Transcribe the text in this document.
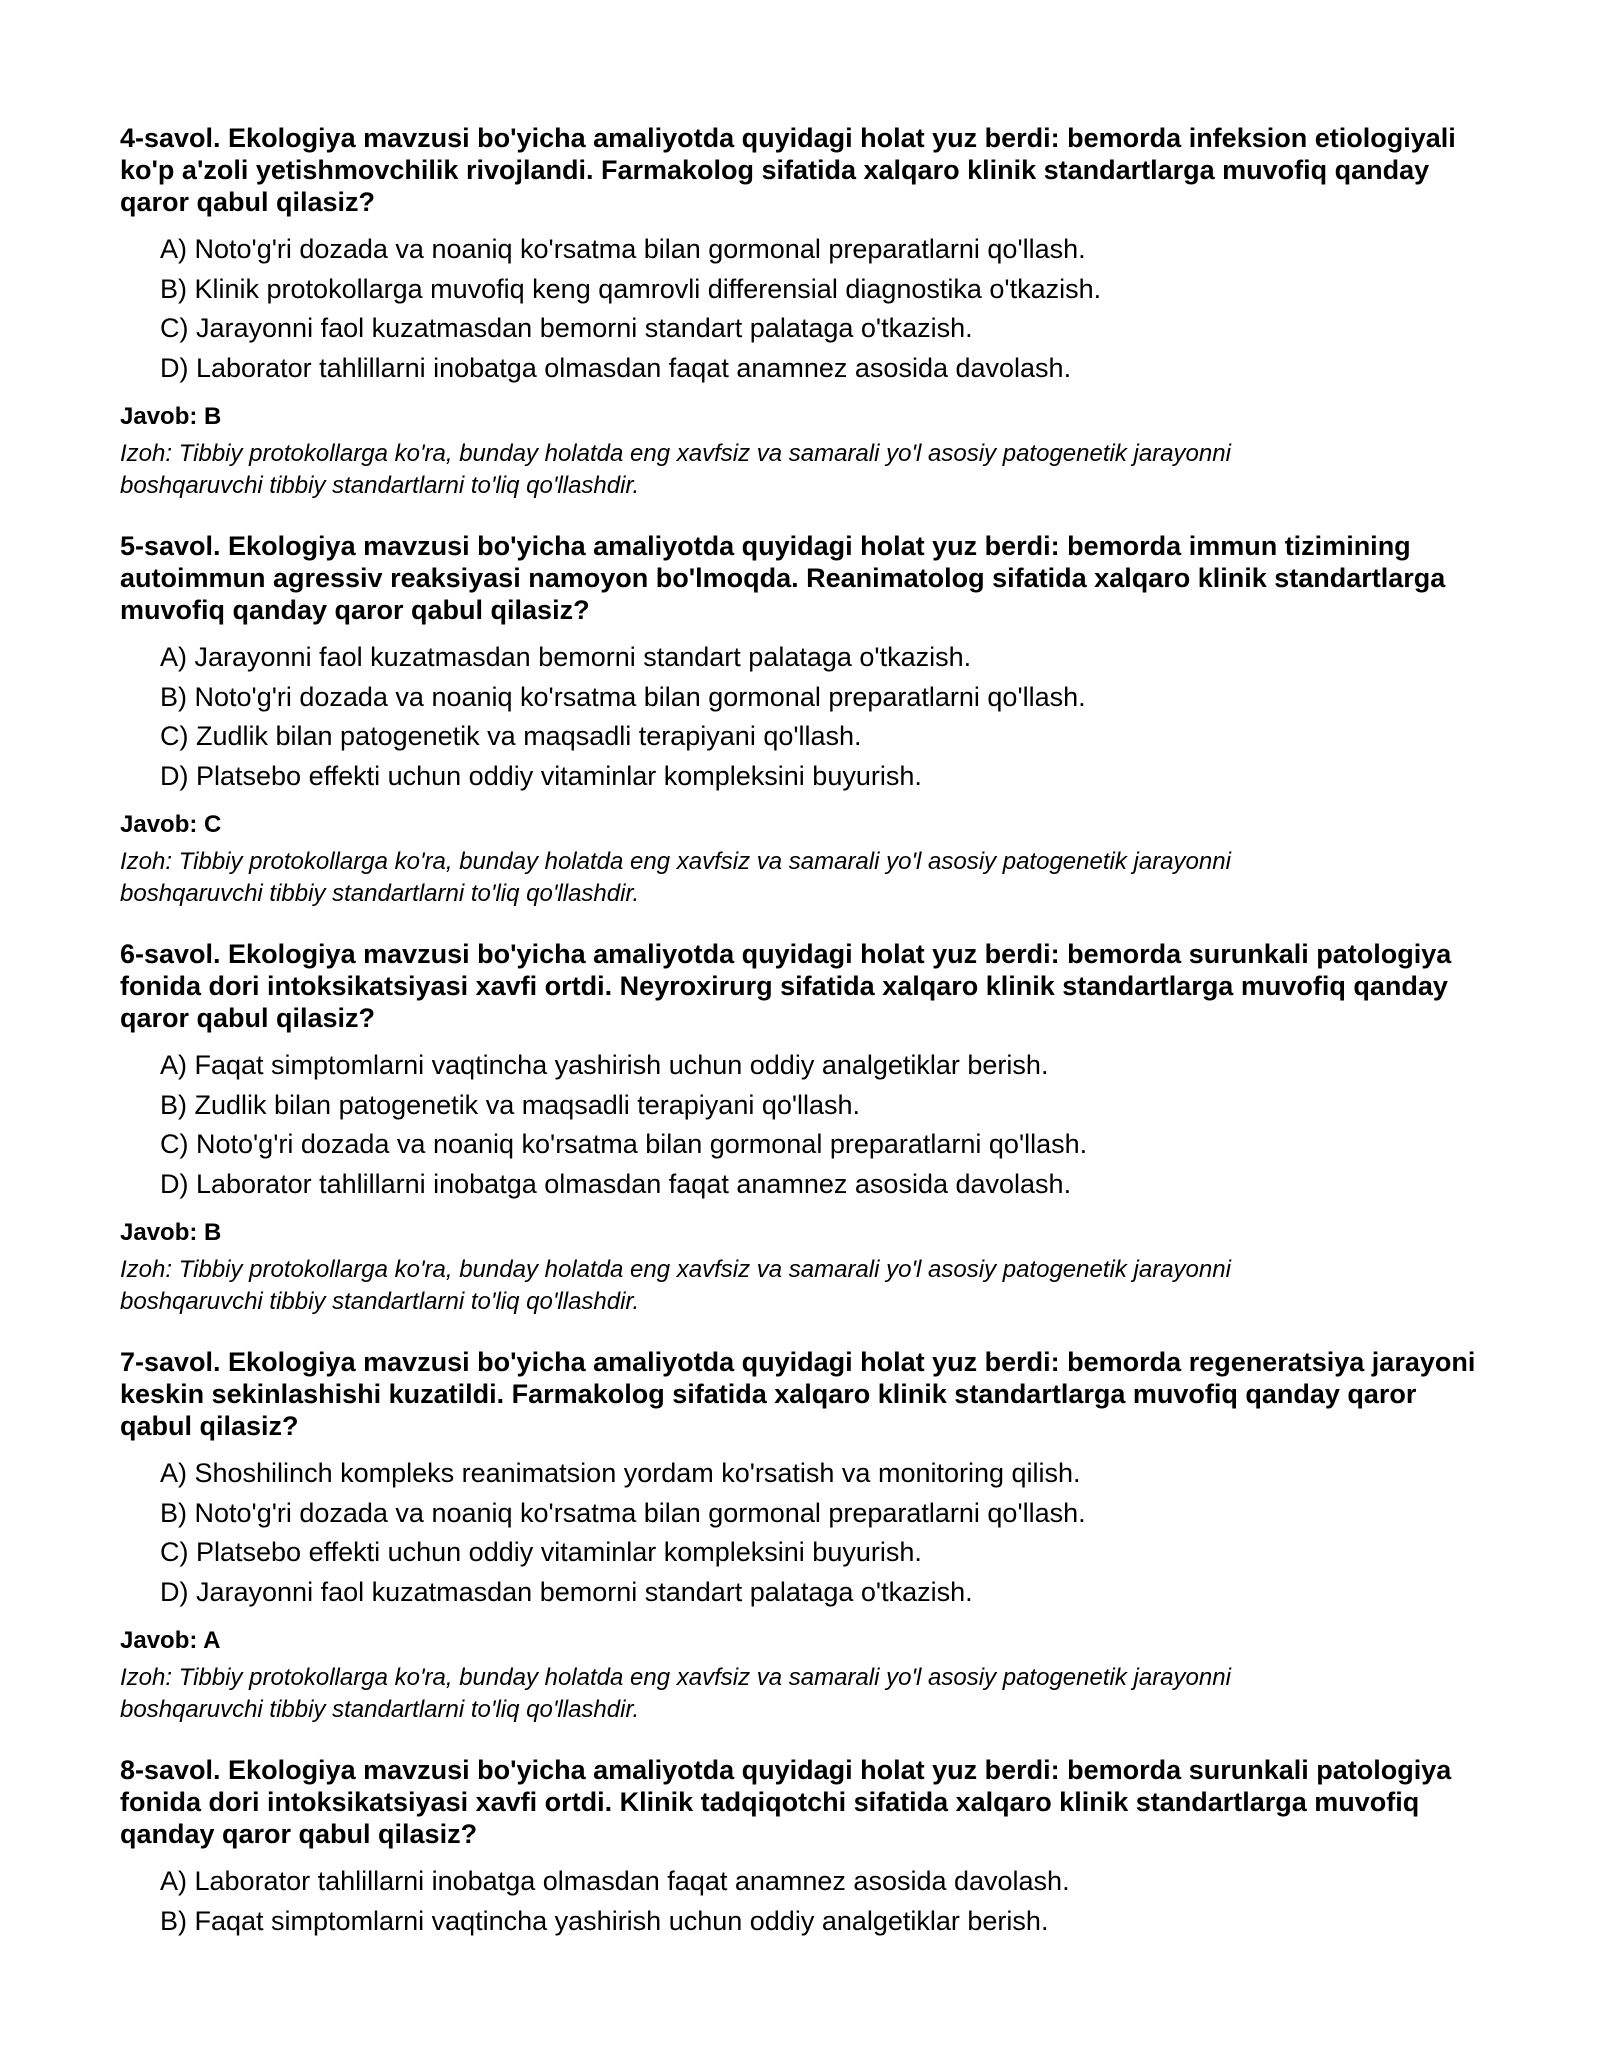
4-savol. Ekologiya mavzusi bo'yicha amaliyotda quyidagi holat yuz berdi: bemorda infeksion etiologiyali ko'p a'zoli yetishmovchilik rivojlandi. Farmakolog sifatida xalqaro klinik standartlarga muvofiq qanday qaror qabul qilasiz?

A) Noto'g'ri dozada va noaniq ko'rsatma bilan gormonal preparatlarni qo'llash.
B) Klinik protokollarga muvofiq keng qamrovli differensial diagnostika o'tkazish.
C) Jarayonni faol kuzatmasdan bemorni standart palataga o'tkazish.
D) Laborator tahlillarni inobatga olmasdan faqat anamnez asosida davolash.

Javob: B

Izoh: Tibbiy protokollarga ko'ra, bunday holatda eng xavfsiz va samarali yo'l asosiy patogenetik jarayonni boshqaruvchi tibbiy standartlarni to'liq qo'llashdir.

5-savol. Ekologiya mavzusi bo'yicha amaliyotda quyidagi holat yuz berdi: bemorda immun tizimining autoimmun agressiv reaksiyasi namoyon bo'lmoqda. Reanimatolog sifatida xalqaro klinik standartlarga muvofiq qanday qaror qabul qilasiz?

A) Jarayonni faol kuzatmasdan bemorni standart palataga o'tkazish.
B) Noto'g'ri dozada va noaniq ko'rsatma bilan gormonal preparatlarni qo'llash.
C) Zudlik bilan patogenetik va maqsadli terapiyani qo'llash.
D) Platsebo effekti uchun oddiy vitaminlar kompleksini buyurish.

Javob: C

Izoh: Tibbiy protokollarga ko'ra, bunday holatda eng xavfsiz va samarali yo'l asosiy patogenetik jarayonni boshqaruvchi tibbiy standartlarni to'liq qo'llashdir.

6-savol. Ekologiya mavzusi bo'yicha amaliyotda quyidagi holat yuz berdi: bemorda surunkali patologiya fonida dori intoksikatsiyasi xavfi ortdi. Neyroxirurg sifatida xalqaro klinik standartlarga muvofiq qanday qaror qabul qilasiz?

A) Faqat simptomlarni vaqtincha yashirish uchun oddiy analgetiklar berish.
B) Zudlik bilan patogenetik va maqsadli terapiyani qo'llash.
C) Noto'g'ri dozada va noaniq ko'rsatma bilan gormonal preparatlarni qo'llash.
D) Laborator tahlillarni inobatga olmasdan faqat anamnez asosida davolash.

Javob: B

Izoh: Tibbiy protokollarga ko'ra, bunday holatda eng xavfsiz va samarali yo'l asosiy patogenetik jarayonni boshqaruvchi tibbiy standartlarni to'liq qo'llashdir.

7-savol. Ekologiya mavzusi bo'yicha amaliyotda quyidagi holat yuz berdi: bemorda regeneratsiya jarayoni keskin sekinlashishi kuzatildi. Farmakolog sifatida xalqaro klinik standartlarga muvofiq qanday qaror qabul qilasiz?

A) Shoshilinch kompleks reanimatsion yordam ko'rsatish va monitoring qilish.
B) Noto'g'ri dozada va noaniq ko'rsatma bilan gormonal preparatlarni qo'llash.
C) Platsebo effekti uchun oddiy vitaminlar kompleksini buyurish.
D) Jarayonni faol kuzatmasdan bemorni standart palataga o'tkazish.

Javob: A

Izoh: Tibbiy protokollarga ko'ra, bunday holatda eng xavfsiz va samarali yo'l asosiy patogenetik jarayonni boshqaruvchi tibbiy standartlarni to'liq qo'llashdir.

8-savol. Ekologiya mavzusi bo'yicha amaliyotda quyidagi holat yuz berdi: bemorda surunkali patologiya fonida dori intoksikatsiyasi xavfi ortdi. Klinik tadqiqotchi sifatida xalqaro klinik standartlarga muvofiq qanday qaror qabul qilasiz?

A) Laborator tahlillarni inobatga olmasdan faqat anamnez asosida davolash.
B) Faqat simptomlarni vaqtincha yashirish uchun oddiy analgetiklar berish.
